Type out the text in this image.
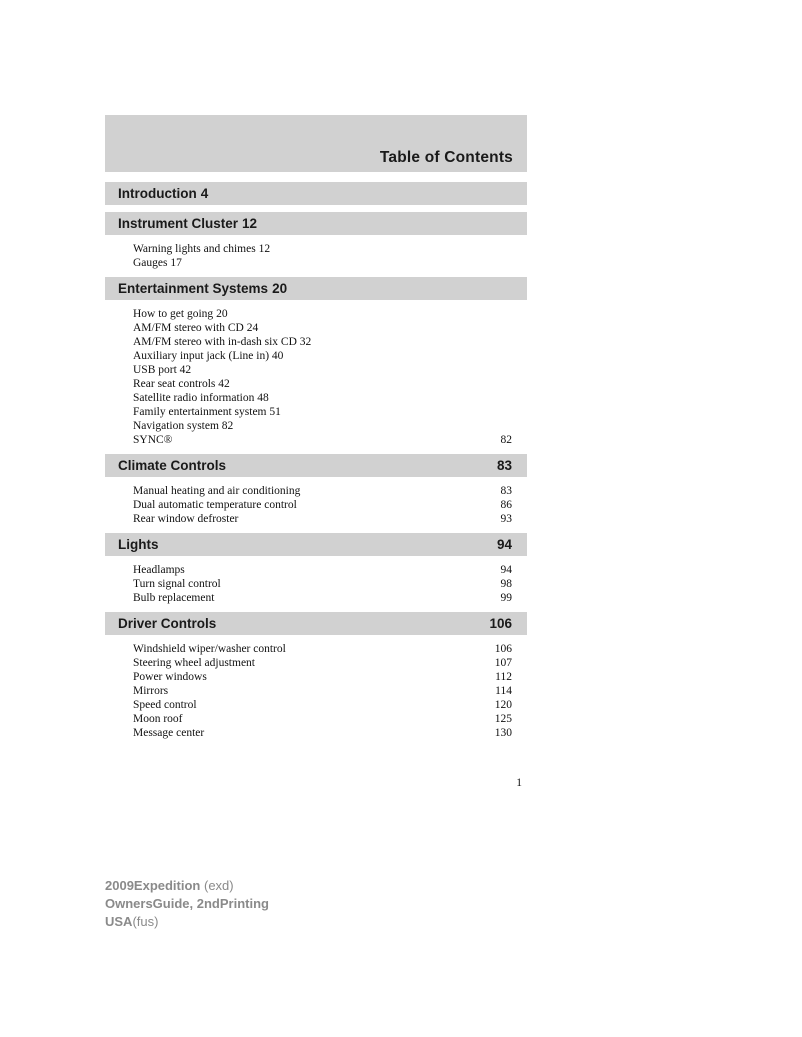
Table of Contents
Introduction 4
Instrument Cluster 12
Warning lights and chimes 12
Gauges 17
Entertainment Systems 20
How to get going 20
AM/FM stereo with CD 24
AM/FM stereo with in-dash six CD 32
Auxiliary input jack (Line in) 40
USB port 42
Rear seat controls 42
Satellite radio information 48
Family entertainment system 51
Navigation system 82
SYNC®	82
Climate Controls	83
Manual heating and air conditioning	83
Dual automatic temperature control	86
Rear window defroster	93
Lights	94
Headlamps	94
Turn signal control	98
Bulb replacement	99
Driver Controls	106
Windshield wiper/washer control	106
Steering wheel adjustment	107
Power windows	112
Mirrors	114
Speed control	120
Moon roof	125
Message center	130
1
2009Expedition (exd)
OwnersGuide, 2ndPrinting
USA(fus)
